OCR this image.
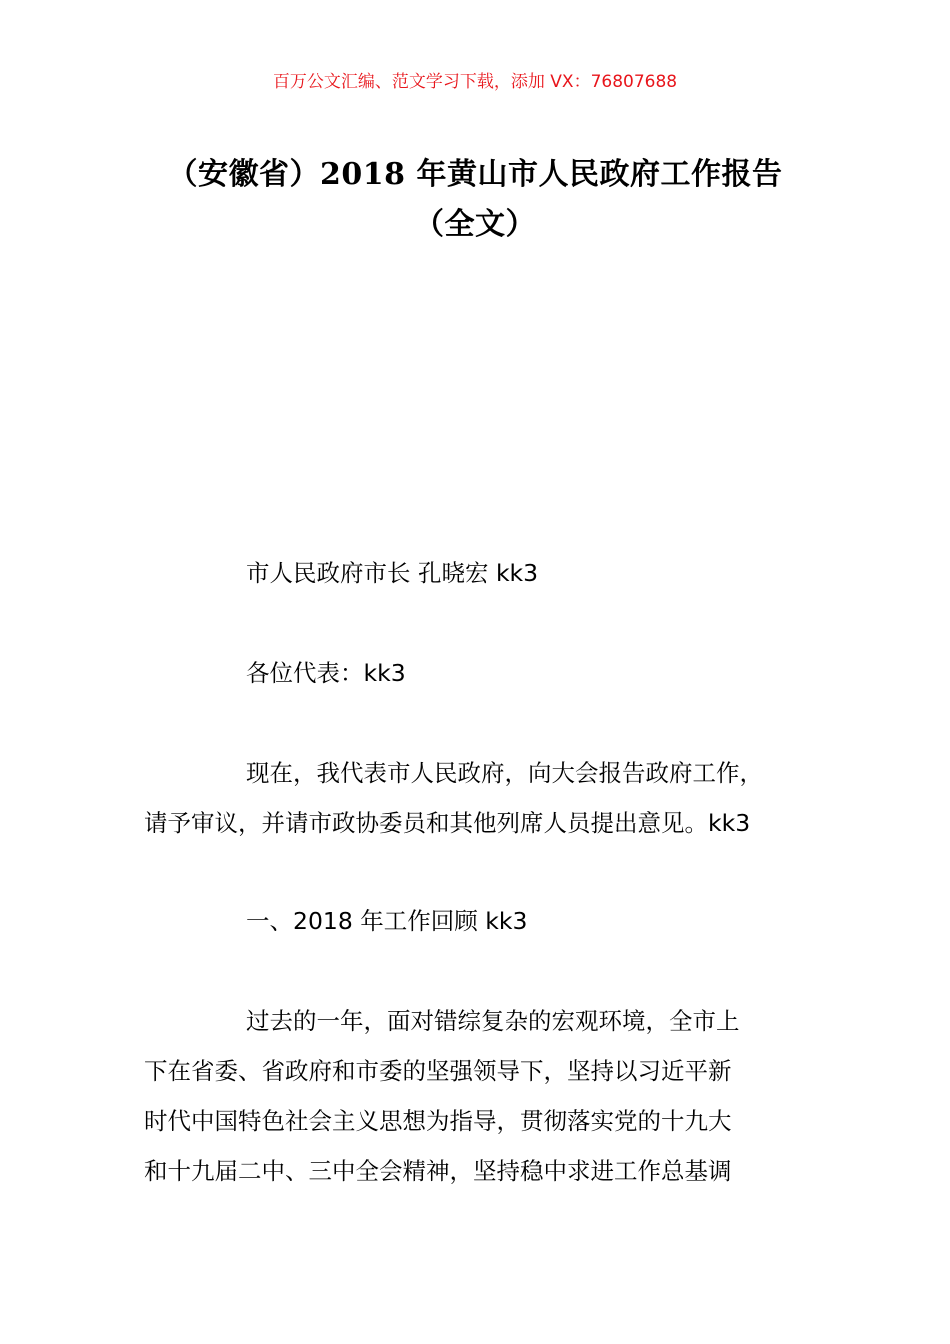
百万公文汇编、范文学习下载，添加 VX：76807688
（安徽省）2018 年黄山市人民政府工作报告（全文）
市人民政府市长 孔晓宏 kk3
各位代表：kk3
现在，我代表市人民政府，向大会报告政府工作，
请予审议，并请市政协委员和其他列席人员提出意见。kk3
一、2018 年工作回顾 kk3
过去的一年，面对错综复杂的宏观环境，全市上
下在省委、省政府和市委的坚强领导下，坚持以习近平新
时代中国特色社会主义思想为指导，贯彻落实党的十九大
和十九届二中、三中全会精神，坚持稳中求进工作总基调
